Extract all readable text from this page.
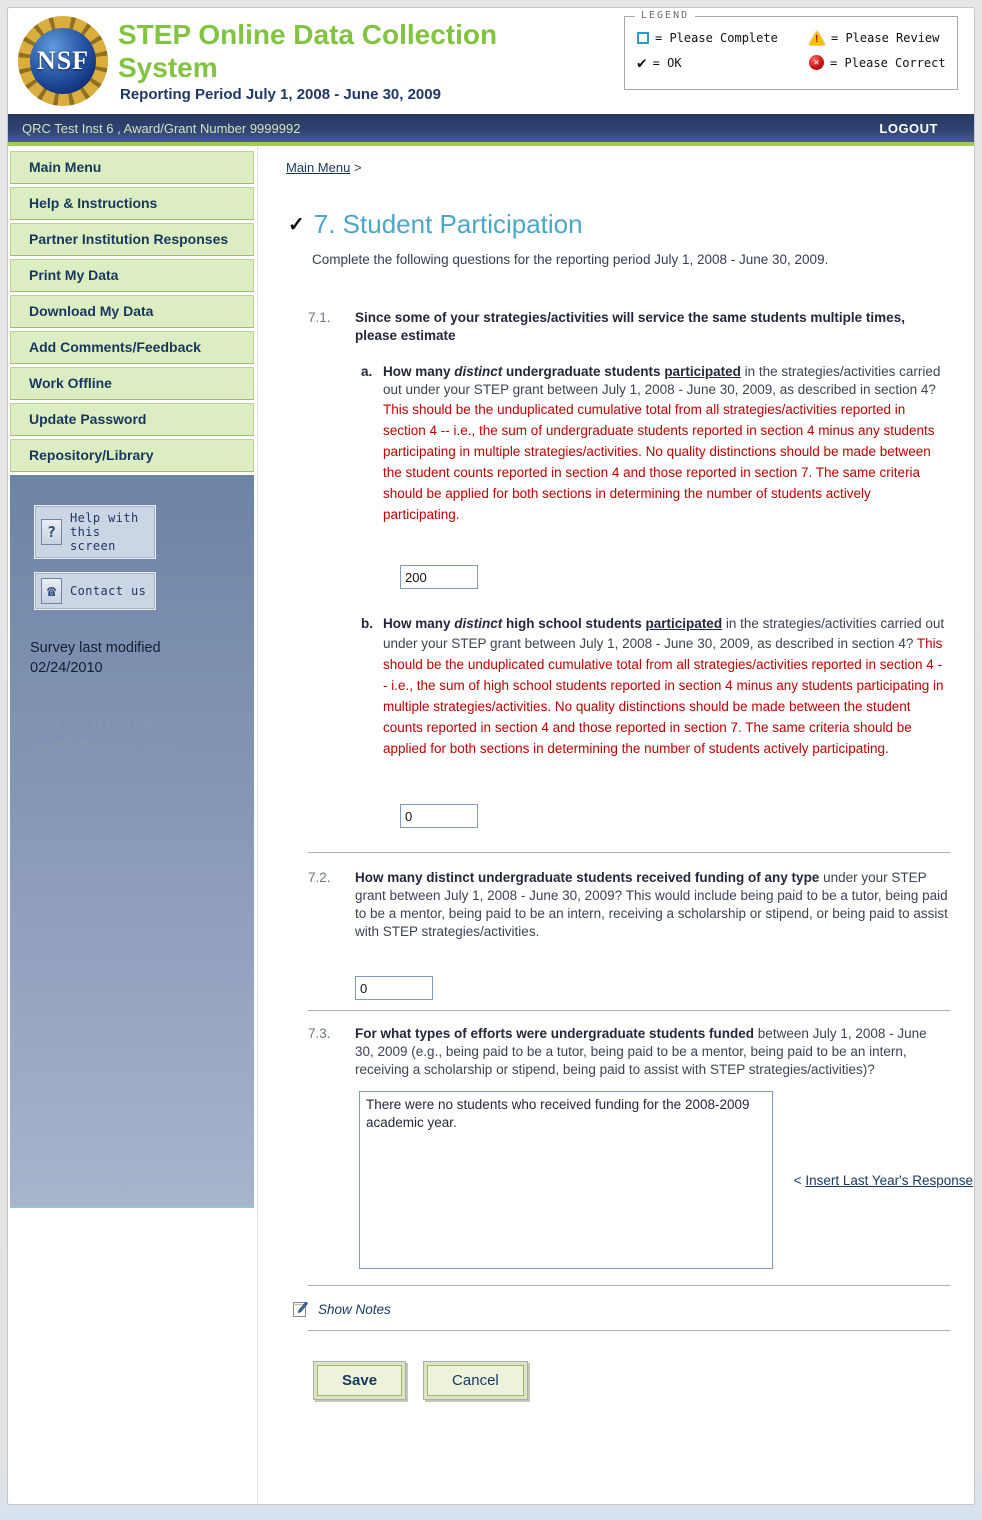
NSF
STEP Online Data Collection
System
Reporting Period July 1, 2008 - June 30, 2009
LEGEND
= Please Complete !	= Please Review
✔ = OK	✕ = Please Correct
QRC Test Inst 6 , Award/Grant Number 9999992	LOGOUT
Main Menu
Help & Instructions
Partner Institution Responses
Print My Data
Download My Data
Add Comments/Feedback
Work Offline
Update Password
Repository/Library
?
Help with
this screen
☎	Contact us
Survey last modified
02/24/2010
OMB No. 3145-0136
Expires March 31, 2011
Main Menu >
✓ 7. Student Participation
Complete the following questions for the reporting period July 1, 2008 - June 30, 2009.
7.1.	Since some of your strategies/activities will service the same students multiple times, please estimate
a. How many distinct undergraduate students participated in the strategies/activities carried out under your STEP grant between July 1, 2008 - June 30, 2009, as described in section 4? This should be the unduplicated cumulative total from all strategies/activities reported in section 4 -- i.e., the sum of undergraduate students reported in section 4 minus any students participating in multiple strategies/activities. No quality distinctions should be made between the student counts reported in section 4 and those reported in section 7. The same criteria should be applied for both sections in determining the number of students actively participating.
200
b. How many distinct high school students participated in the strategies/activities carried out under your STEP grant between July 1, 2008 - June 30, 2009, as described in section 4? This should be the unduplicated cumulative total from all strategies/activities reported in section 4 -- i.e., the sum of high school students reported in section 4 minus any students participating in multiple strategies/activities. No quality distinctions should be made between the student counts reported in section 4 and those reported in section 7. The same criteria should be applied for both sections in determining the number of students actively participating.
0
7.2.	How many distinct undergraduate students received funding of any type under your STEP grant between July 1, 2008 - June 30, 2009? This would include being paid to be a tutor, being paid to be a mentor, being paid to be an intern, receiving a scholarship or stipend, or being paid to assist with STEP strategies/activities.
0
7.3.	For what types of efforts were undergraduate students funded between July 1, 2008 - June 30, 2009 (e.g., being paid to be a tutor, being paid to be a mentor, being paid to be an intern, receiving a scholarship or stipend, being paid to assist with STEP strategies/activities)?
There were no students who received funding for the 2008-2009 academic year.
< Insert Last Year's Response
Show Notes
Save	Cancel
